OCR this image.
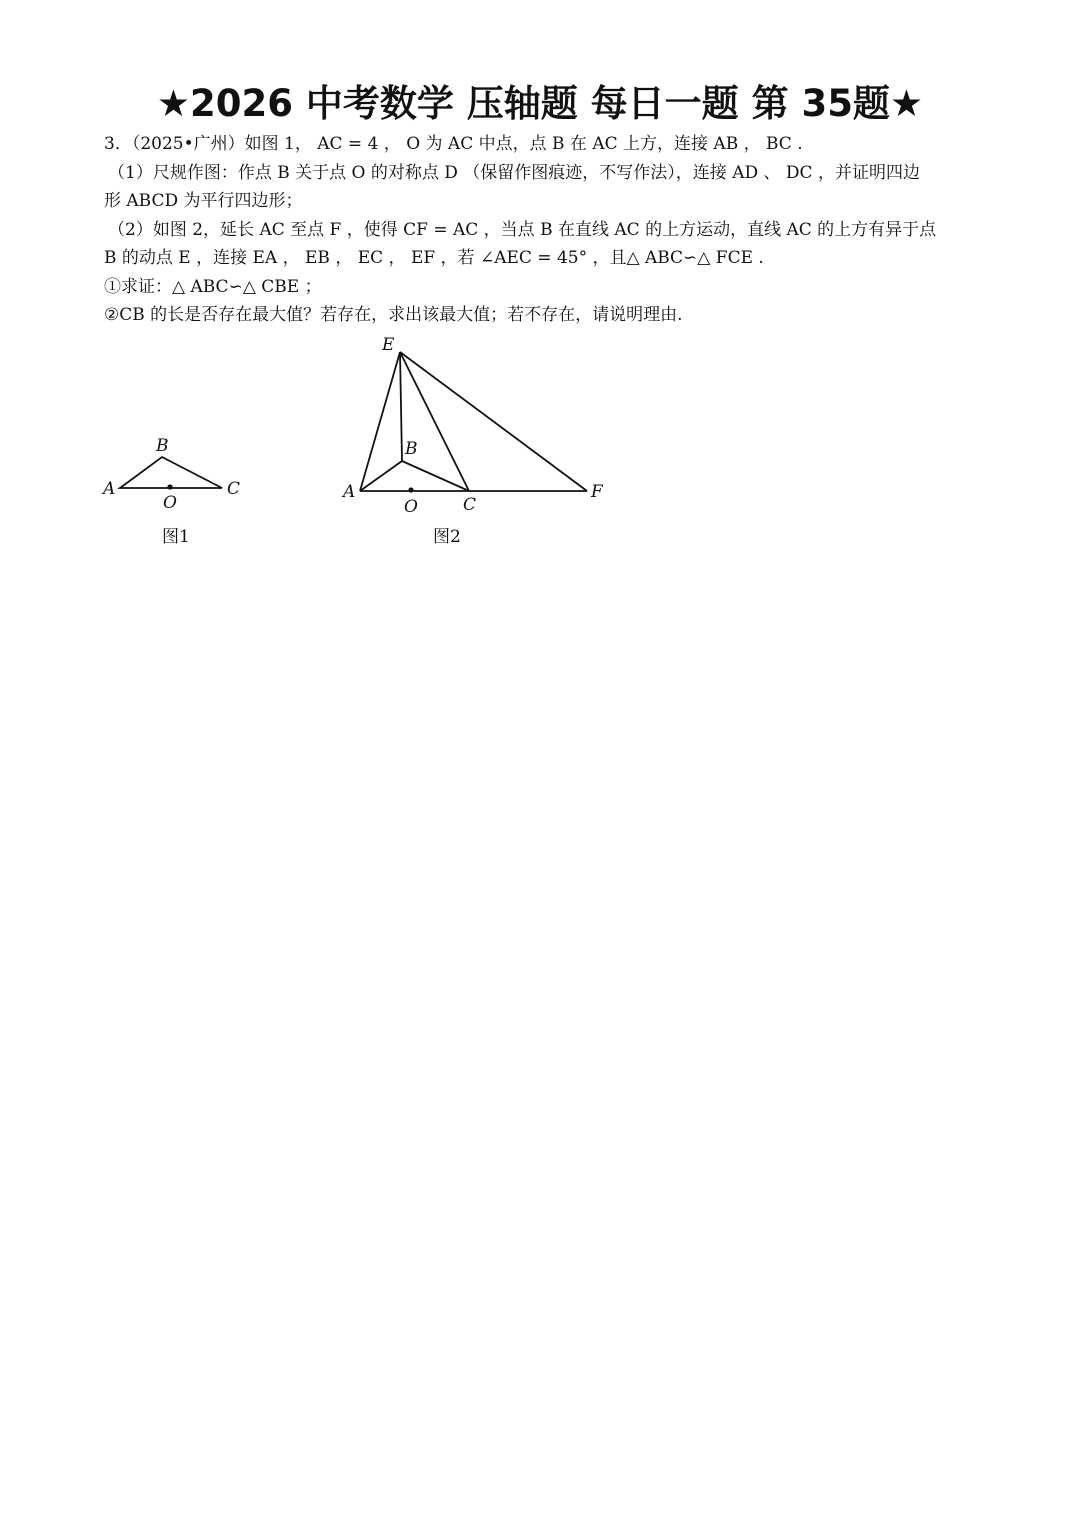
★2026 中考数学 压轴题 每日一题 第 35题★
3．（2025•广州）如图 1， AC = 4 ， O 为 AC 中点，点 B 在 AC 上方，连接 AB ， BC .
（1）尺规作图：作点 B 关于点 O 的对称点 D （保留作图痕迹，不写作法），连接 AD 、 DC ，并证明四边
形 ABCD 为平行四边形；
（2）如图 2，延长 AC 至点 F ，使得 CF = AC ，当点 B 在直线 AC 的上方运动，直线 AC 的上方有异于点
B 的动点 E ，连接 EA ， EB ， EC ， EF ，若 ∠AEC = 45° ，且△ ABC∽△ FCE .
①求证：△ ABC∽△ CBE ；
②CB 的长是否存在最大值？若存在，求出该最大值；若不存在，请说明理由.
A
B
C
O
E
B
A
O	C
F
图1	图2
